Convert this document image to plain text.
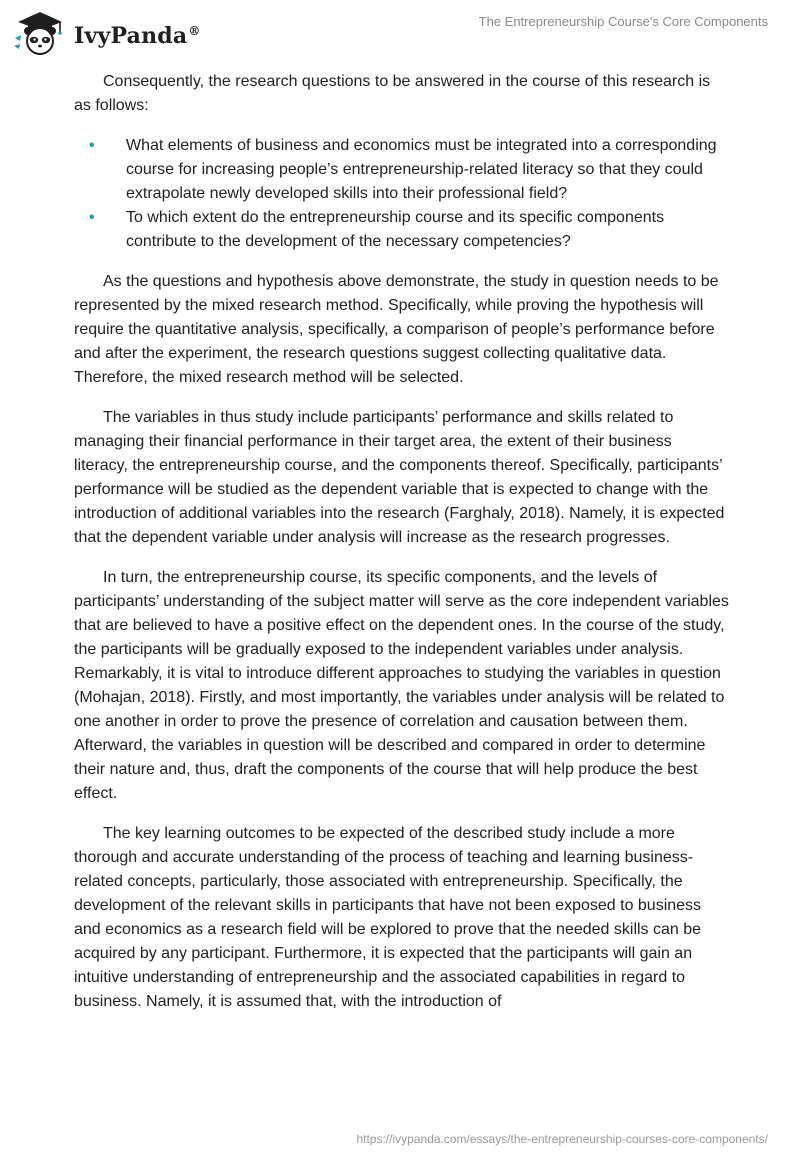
IvyPanda®
The Entrepreneurship Course's Core Components

Consequently, the research questions to be answered in the course of this research is as follows:

• What elements of business and economics must be integrated into a corresponding course for increasing people’s entrepreneurship-related literacy so that they could extrapolate newly developed skills into their professional field?
• To which extent do the entrepreneurship course and its specific components contribute to the development of the necessary competencies?

As the questions and hypothesis above demonstrate, the study in question needs to be represented by the mixed research method. Specifically, while proving the hypothesis will require the quantitative analysis, specifically, a comparison of people’s performance before and after the experiment, the research questions suggest collecting qualitative data. Therefore, the mixed research method will be selected.

The variables in thus study include participants’ performance and skills related to managing their financial performance in their target area, the extent of their business literacy, the entrepreneurship course, and the components thereof. Specifically, participants’ performance will be studied as the dependent variable that is expected to change with the introduction of additional variables into the research (Farghaly, 2018). Namely, it is expected that the dependent variable under analysis will increase as the research progresses.

In turn, the entrepreneurship course, its specific components, and the levels of participants’ understanding of the subject matter will serve as the core independent variables that are believed to have a positive effect on the dependent ones. In the course of the study, the participants will be gradually exposed to the independent variables under analysis. Remarkably, it is vital to introduce different approaches to studying the variables in question (Mohajan, 2018). Firstly, and most importantly, the variables under analysis will be related to one another in order to prove the presence of correlation and causation between them. Afterward, the variables in question will be described and compared in order to determine their nature and, thus, draft the components of the course that will help produce the best effect.

The key learning outcomes to be expected of the described study include a more thorough and accurate understanding of the process of teaching and learning business-related concepts, particularly, those associated with entrepreneurship. Specifically, the development of the relevant skills in participants that have not been exposed to business and economics as a research field will be explored to prove that the needed skills can be acquired by any participant. Furthermore, it is expected that the participants will gain an intuitive understanding of entrepreneurship and the associated capabilities in regard to business. Namely, it is assumed that, with the introduction of

https://ivypanda.com/essays/the-entrepreneurship-courses-core-components/
